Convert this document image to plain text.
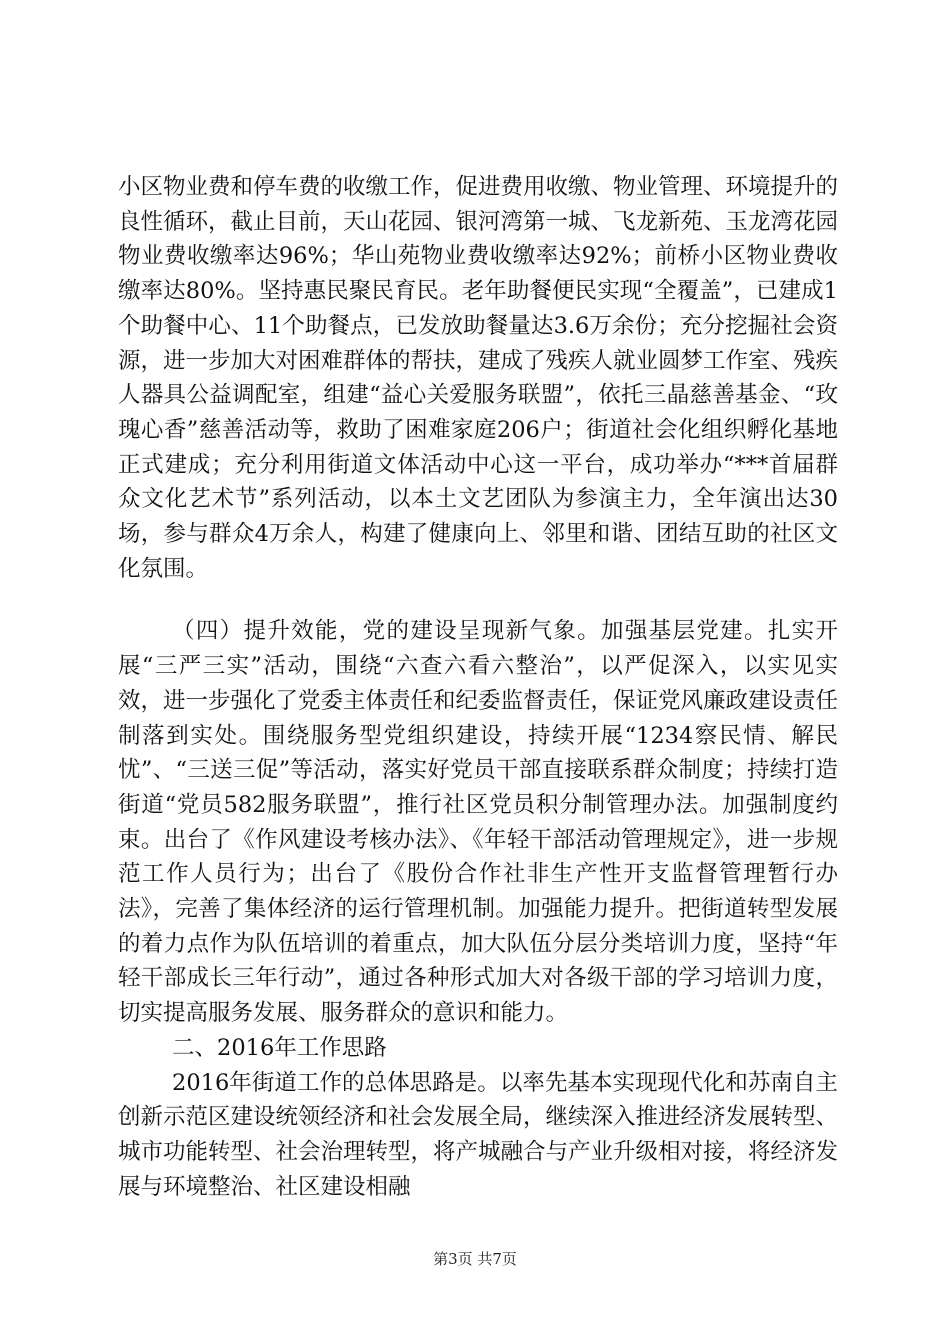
小区物业费和停车费的收缴工作，促进费用收缴、物业管理、环境提升的良性循环，截止目前，天山花园、银河湾第一城、飞龙新苑、玉龙湾花园物业费收缴率达96%；华山苑物业费收缴率达92%；前桥小区物业费收缴率达80%。坚持惠民聚民育民。老年助餐便民实现“全覆盖”，已建成1个助餐中心、11个助餐点，已发放助餐量达3.6万余份；充分挖掘社会资源，进一步加大对困难群体的帮扶，建成了残疾人就业圆梦工作室、残疾人器具公益调配室，组建“益心关爱服务联盟”，依托三晶慈善基金、“玫瑰心香”慈善活动等，救助了困难家庭206户；街道社会化组织孵化基地正式建成；充分利用街道文体活动中心这一平台，成功举办“***首届群众文化艺术节”系列活动，以本土文艺团队为参演主力，全年演出达30场，参与群众4万余人，构建了健康向上、邻里和谐、团结互助的社区文化氛围。

（四）提升效能，党的建设呈现新气象。加强基层党建。扎实开展“三严三实”活动，围绕“六查六看六整治”，以严促深入，以实见实效，进一步强化了党委主体责任和纪委监督责任，保证党风廉政建设责任制落到实处。围绕服务型党组织建设，持续开展“1234察民情、解民忧”、“三送三促”等活动，落实好党员干部直接联系群众制度；持续打造街道“党员582服务联盟”，推行社区党员积分制管理办法。加强制度约束。出台了《作风建设考核办法》、《年轻干部活动管理规定》，进一步规范工作人员行为；出台了《股份合作社非生产性开支监督管理暂行办法》，完善了集体经济的运行管理机制。加强能力提升。把街道转型发展的着力点作为队伍培训的着重点，加大队伍分层分类培训力度，坚持“年轻干部成长三年行动”，通过各种形式加大对各级干部的学习培训力度，切实提高服务发展、服务群众的意识和能力。

二、2016年工作思路

2016年街道工作的总体思路是。以率先基本实现现代化和苏南自主创新示范区建设统领经济和社会发展全局，继续深入推进经济发展转型、城市功能转型、社会治理转型，将产城融合与产业升级相对接，将经济发展与环境整治、社区建设相融

第3页 共7页
